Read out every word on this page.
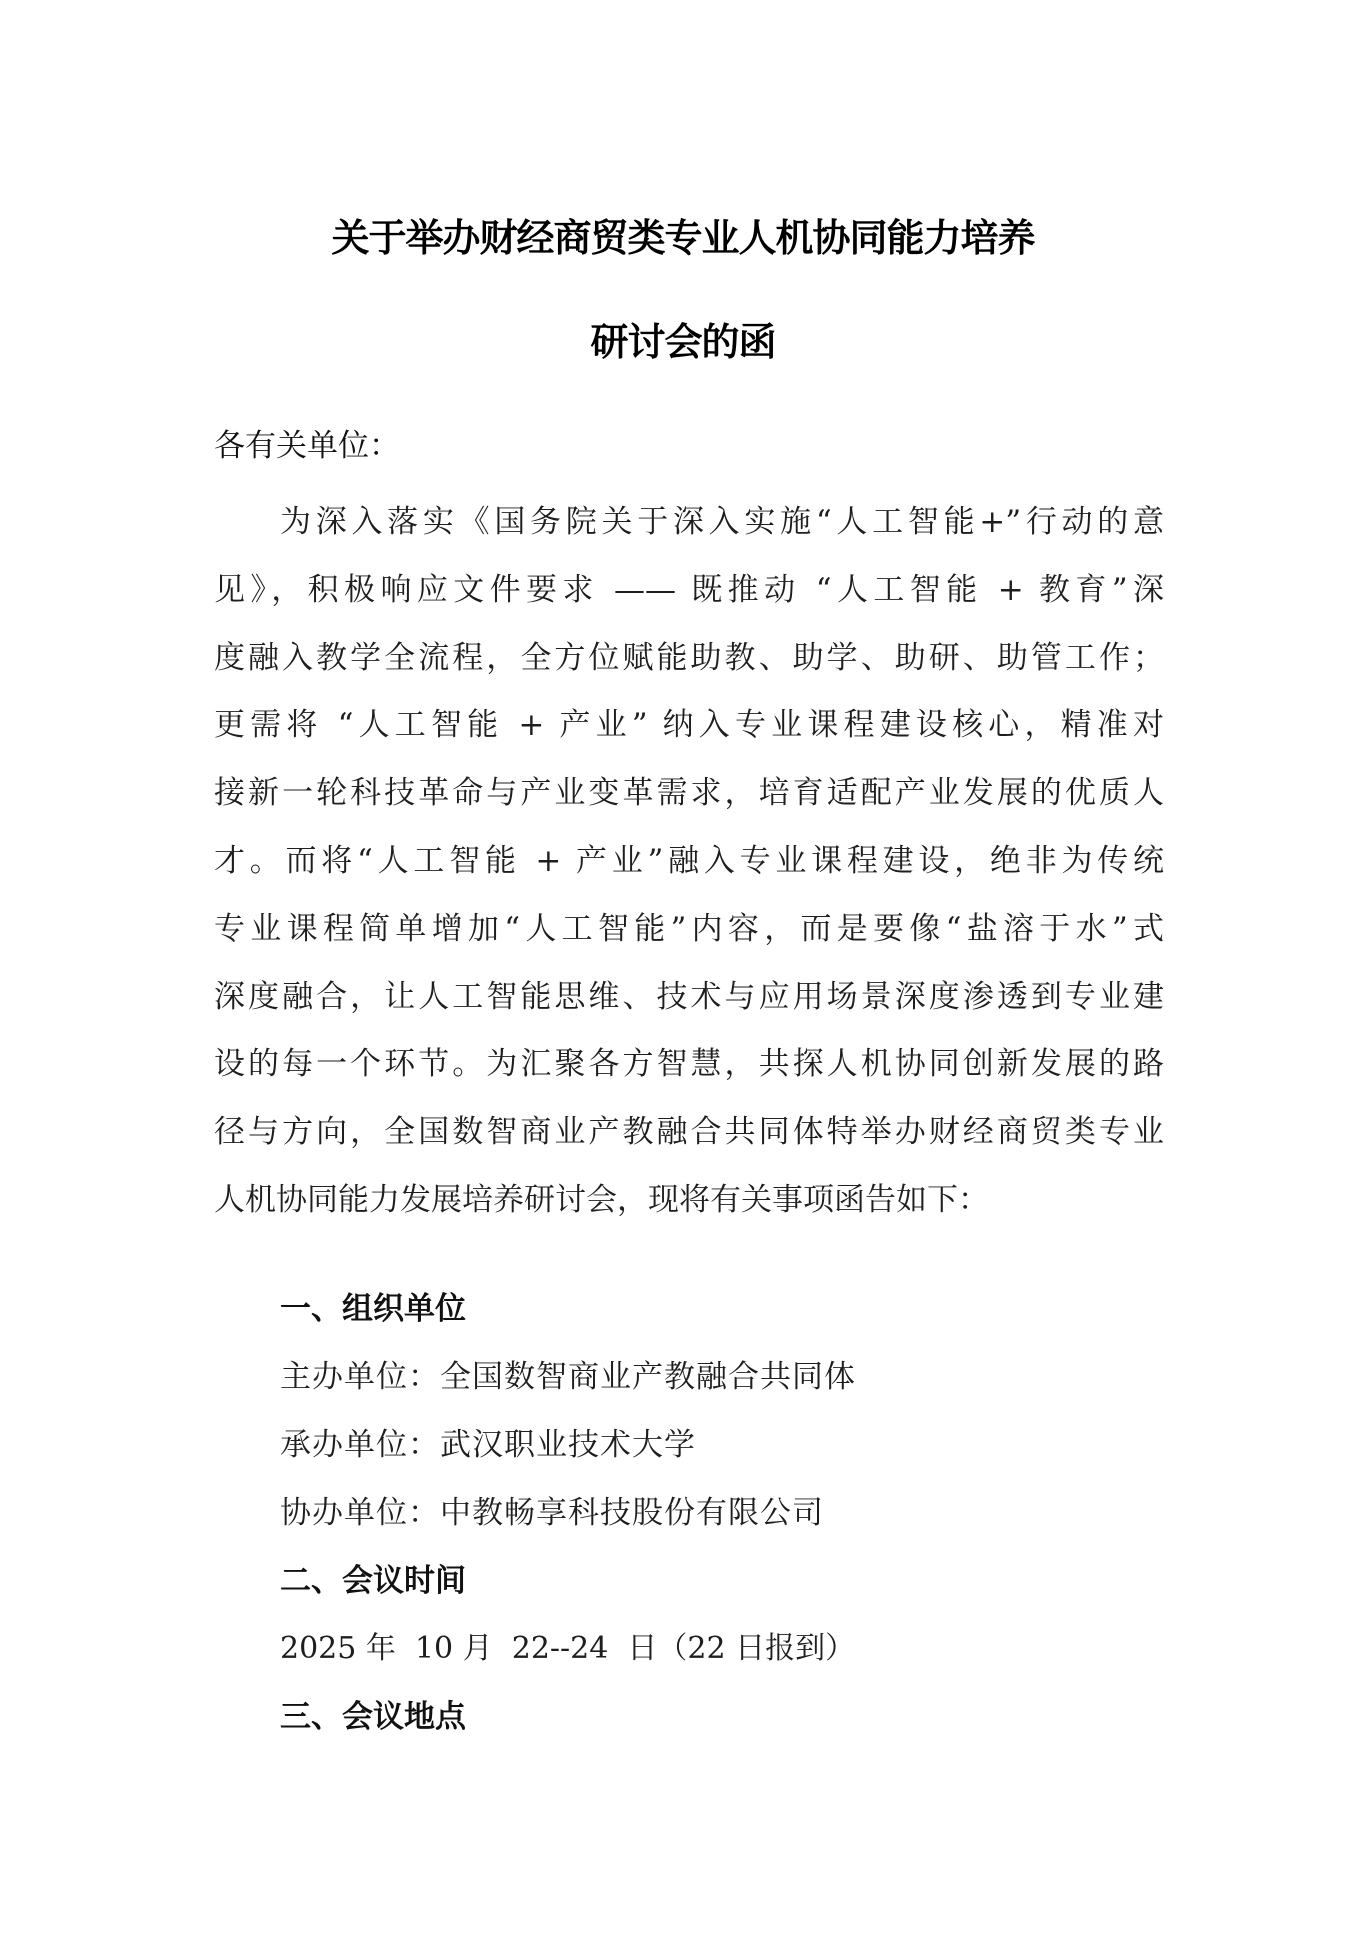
关于举办财经商贸类专业人机协同能力培养
研讨会的函

各有关单位：

为深入落实《国务院关于深入实施“人工智能+”行动的意
见》，积极响应文件要求 —— 既推动 “人工智能 + 教育”深
度融入教学全流程，全方位赋能助教、助学、助研、助管工作；
更需将 “人工智能 + 产业” 纳入专业课程建设核心，精准对
接新一轮科技革命与产业变革需求，培育适配产业发展的优质人
才。而将“人工智能 + 产业”融入专业课程建设，绝非为传统
专业课程简单增加“人工智能”内容，而是要像“盐溶于水”式
深度融合，让人工智能思维、技术与应用场景深度渗透到专业建
设的每一个环节。为汇聚各方智慧，共探人机协同创新发展的路
径与方向，全国数智商业产教融合共同体特举办财经商贸类专业
人机协同能力发展培养研讨会，现将有关事项函告如下：
一、组织单位

主办单位：全国数智商业产教融合共同体

承办单位：武汉职业技术大学

协办单位：中教畅享科技股份有限公司

二、会议时间

2025 年  10 月  22--24  日（22 日报到）

三、会议地点
